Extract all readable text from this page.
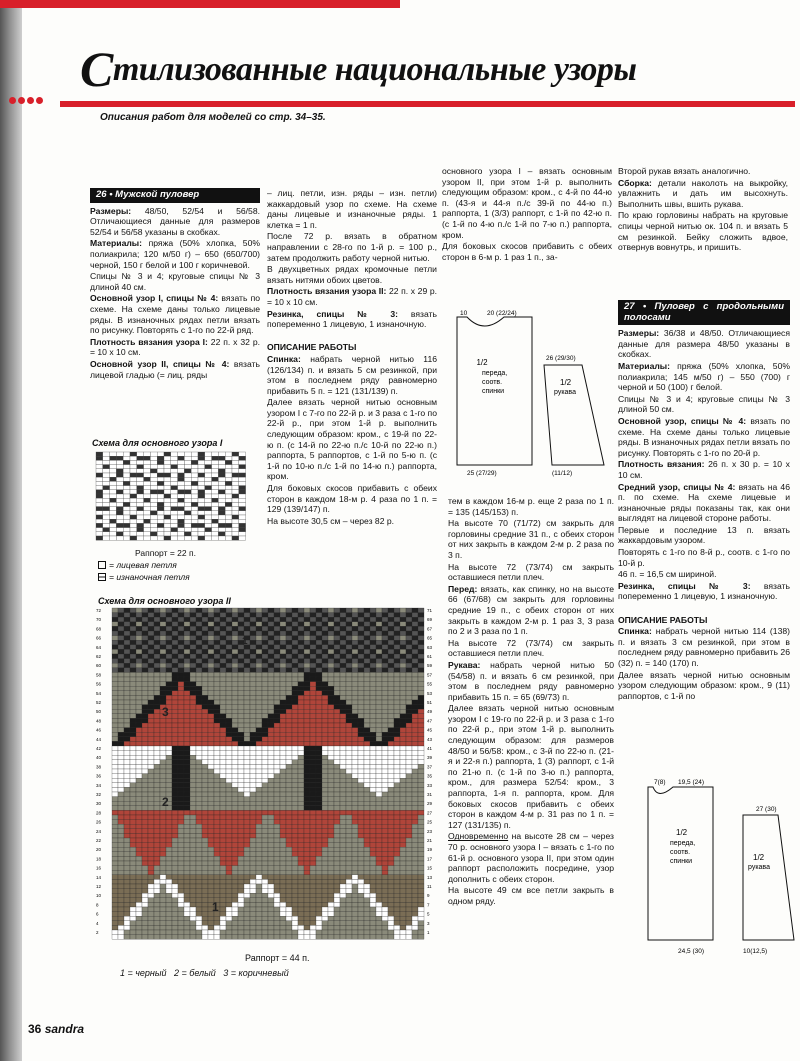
Стилизованные национальные узоры
Описания работ для моделей со стр. 34–35.
26 • Мужской пуловер

Размеры: 48/50, 52/54 и 56/58. Отличающиеся данные для размеров 52/54 и 56/58 указаны в скобках.

Материалы: пряжа (50% хлопка, 50% полиакрила; 120 м/50 г) – 650 (650/700) черной, 150 г белой и 100 г коричневой.

Спицы № 3 и 4; круговые спицы № 3 длиной 40 см.

Основной узор I, спицы № 4: вязать по схеме. На схеме даны только лицевые ряды. В изнаночных рядах петли вязать по рисунку. Повторять с 1-го по 22-й ряд.

Плотность вязания узора I: 22 п. х 32 р. = 10 х 10 см.

Основной узор II, спицы № 4: вязать лицевой гладью (= лиц. ряды

Схема для основного узора I
Раппорт = 22 п.
= лицевая петля
= изнаночная петля

– лиц. петли, изн. ряды – изн. петли) жаккардовый узор по схеме. На схеме даны лицевые и изнаночные ряды. 1 клетка = 1 п.

После 72 р. вязать в обратном направлении с 28-го по 1-й р. = 100 р., затем продолжить работу черной нитью.

В двухцветных рядах кромочные петли вязать нитями обоих цветов.

Плотность вязания узора II: 22 п. х 29 р. = 10 х 10 см.

Резинка, спицы № 3: вязать попеременно 1 лицевую, 1 изнаночную.

ОПИСАНИЕ РАБОТЫ

Спинка: набрать черной нитью 116 (126/134) п. и вязать 5 см резинкой, при этом в последнем ряду равномерно прибавить 5 п. = 121 (131/139) п.

Далее вязать черной нитью основным узором I с 7-го по 22-й р. и 3 раза с 1-го по 22-й р., при этом 1-й р. выполнить следующим образом: кром., с 19-й по 22-ю п. (с 14-й по 22-ю п./с 10-й по 22-ю п.) раппорта, 5 раппортов, с 1-й по 5-ю п. (с 1-й по 10-ю п./с 1-й по 14-ю п.) раппорта, кром.

Для боковых скосов прибавить с обеих сторон в каждом 18-м р. 4 раза по 1 п. = 129 (139/147) п.

На высоте 30,5 см – через 82 р.

основного узора I – вязать основным узором II, при этом 1-й р. выполнить следующим образом: кром., с 4-й по 44-ю п. (43-я и 44-я п./с 39-й по 44-ю п.) раппорта, 1 (3/3) раппорт, с 1-й по 42-ю п. (с 1-й по 4-ю п./с 1-й по 7-ю п.) раппорта, кром.

Для боковых скосов прибавить с обеих сторон в 6-м р. 1 раз 1 п., за-

10	20 (22/24)
1/2
переда,
соотв.
спинки
1/2
рукава
26 (29/30)
25 (27/29)	(11/12)

тем в каждом 16-м р. еще 2 раза по 1 п. = 135 (145/153) п.

На высоте 70 (71/72) см закрыть для горловины средние 31 п., с обеих сторон от них закрыть в каждом 2-м р. 2 раза по 3 п.

На высоте 72 (73/74) см закрыть оставшиеся петли плеч.

Перед: вязать, как спинку, но на высоте 66 (67/68) см закрыть для горловины средние 19 п., с обеих сторон от них закрыть в каждом 2-м р. 1 раз 3, 3 раза по 2 и 3 раза по 1 п.

На высоте 72 (73/74) см закрыть оставшиеся петли плеч.

Рукава: набрать черной нитью 50 (54/58) п. и вязать 6 см резинкой, при этом в последнем ряду равномерно прибавить 15 п. = 65 (69/73) п.

Далее вязать черной нитью основным узором I с 19-го по 22-й р. и 3 раза с 1-го по 22-й р., при этом 1-й р. выполнить следующим образом: для размеров 48/50 и 56/58: кром., с 3-й по 22-ю п. (21-я и 22-я п.) раппорта, 1 (3) раппорт, с 1-й по 21-ю п. (с 1-й по 3-ю п.) раппорта, кром., для размера 52/54: кром., 3 раппорта, 1-я п. раппорта, кром. Для боковых скосов прибавить с обеих сторон в каждом 4-м р. 31 раз по 1 п. = 127 (131/135) п.

Одновременно на высоте 28 см – через 70 р. основного узора I – вязать с 1-го по 61-й р. основного узора II, при этом один раппорт расположить посредине, узор дополнить с обеих сторон.

На высоте 49 см все петли закрыть в одном ряду.

Второй рукав вязать аналогично.

Сборка: детали наколоть на выкройку, увлажнить и дать им высохнуть. Выполнить швы, вшить рукава.

По краю горловины набрать на круговые спицы черной нитью ок. 104 п. и вязать 5 см резинкой. Бейку сложить вдвое, отвернув вовнутрь, и пришить.

27 • Пуловер с продольными полосами

Размеры: 36/38 и 48/50. Отличающиеся данные для размера 48/50 указаны в скобках.

Материалы: пряжа (50% хлопка, 50% полиакрила; 145 м/50 г) – 550 (700) г черной и 50 (100) г белой.

Спицы № 3 и 4; круговые спицы № 3 длиной 50 см.

Основной узор, спицы № 4: вязать по схеме. На схеме даны только лицевые ряды. В изнаночных рядах петли вязать по рисунку. Повторять с 1-го по 20-й р.

Плотность вязания: 26 п. х 30 р. = 10 х 10 см.

Средний узор, спицы № 4: вязать на 46 п. по схеме. На схеме лицевые и изнаночные ряды показаны так, как они выглядят на лицевой стороне работы.

Первые и последние 13 п. вязать жаккардовым узором.

Повторять с 1-го по 8-й р., соотв. с 1-го по 10-й р.

46 п. = 16,5 см шириной.

Резинка, спицы № 3: вязать попеременно 1 лицевую, 1 изнаночную.

ОПИСАНИЕ РАБОТЫ

Спинка: набрать черной нитью 114 (138) п. и вязать 3 см резинкой, при этом в последнем ряду равномерно прибавить 26 (32) п. = 140 (170) п.

Далее вязать черной нитью основным узором следующим образом: кром., 9 (11) раппортов, с 1-й по

1/2
переда,
соотв.
спинки	1/2
рукава
24,5 (30)	10(12,5)
27 (30)
7(8) 19,5 (24)
Схема для основного узора II
72	71
70	69
68	67
66	65
64	63
62	61
60	59
58	57
56	55
54	53
52	51
50	49
48	47
46	45
44	43
42	41
40	39
38	37
36	35
34	33
32	31
30	29
28	27
26	25
24	23
22	21
20	19
18	17
16	15
14	13
12	11
10	9
8	7
6	5
4	3
2	1
1
3
2
1
Раппорт = 44 п.
1 = черный   2 = белый   3 = коричневый
36 sandra
